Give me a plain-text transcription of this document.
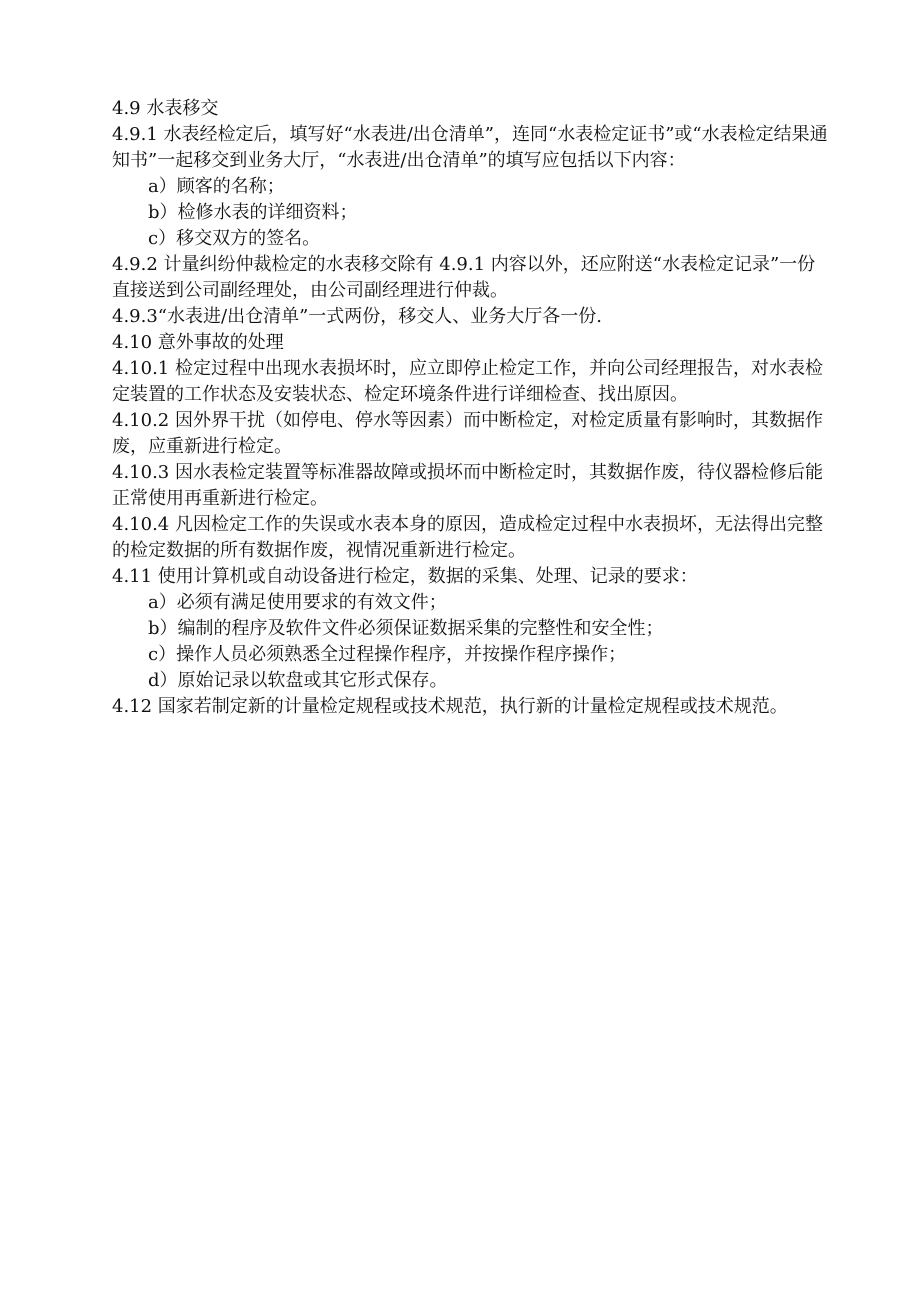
4.9 水表移交

4.9.1 水表经检定后，填写好“水表进/出仓清单”，连同“水表检定证书”或“水表检定结果通知书”一起移交到业务大厅，“水表进/出仓清单”的填写应包括以下内容：

a）顾客的名称；

b）检修水表的详细资料；

c）移交双方的签名。

4.9.2 计量纠纷仲裁检定的水表移交除有 4.9.1 内容以外，还应附送“水表检定记录”一份直接送到公司副经理处，由公司副经理进行仲裁。

4.9.3“水表进/出仓清单”一式两份，移交人、业务大厅各一份.

4.10 意外事故的处理

4.10.1 检定过程中出现水表损坏时，应立即停止检定工作，并向公司经理报告，对水表检定装置的工作状态及安装状态、检定环境条件进行详细检查、找出原因。

4.10.2 因外界干扰（如停电、停水等因素）而中断检定，对检定质量有影响时，其数据作废，应重新进行检定。

4.10.3 因水表检定装置等标准器故障或损坏而中断检定时，其数据作废，待仪器检修后能正常使用再重新进行检定。

4.10.4 凡因检定工作的失误或水表本身的原因，造成检定过程中水表损坏，无法得出完整的检定数据的所有数据作废，视情况重新进行检定。

4.11 使用计算机或自动设备进行检定，数据的采集、处理、记录的要求：

a）必须有满足使用要求的有效文件；

b）编制的程序及软件文件必须保证数据采集的完整性和安全性；

c）操作人员必须熟悉全过程操作程序，并按操作程序操作；

d）原始记录以软盘或其它形式保存。

4.12 国家若制定新的计量检定规程或技术规范，执行新的计量检定规程或技术规范。
